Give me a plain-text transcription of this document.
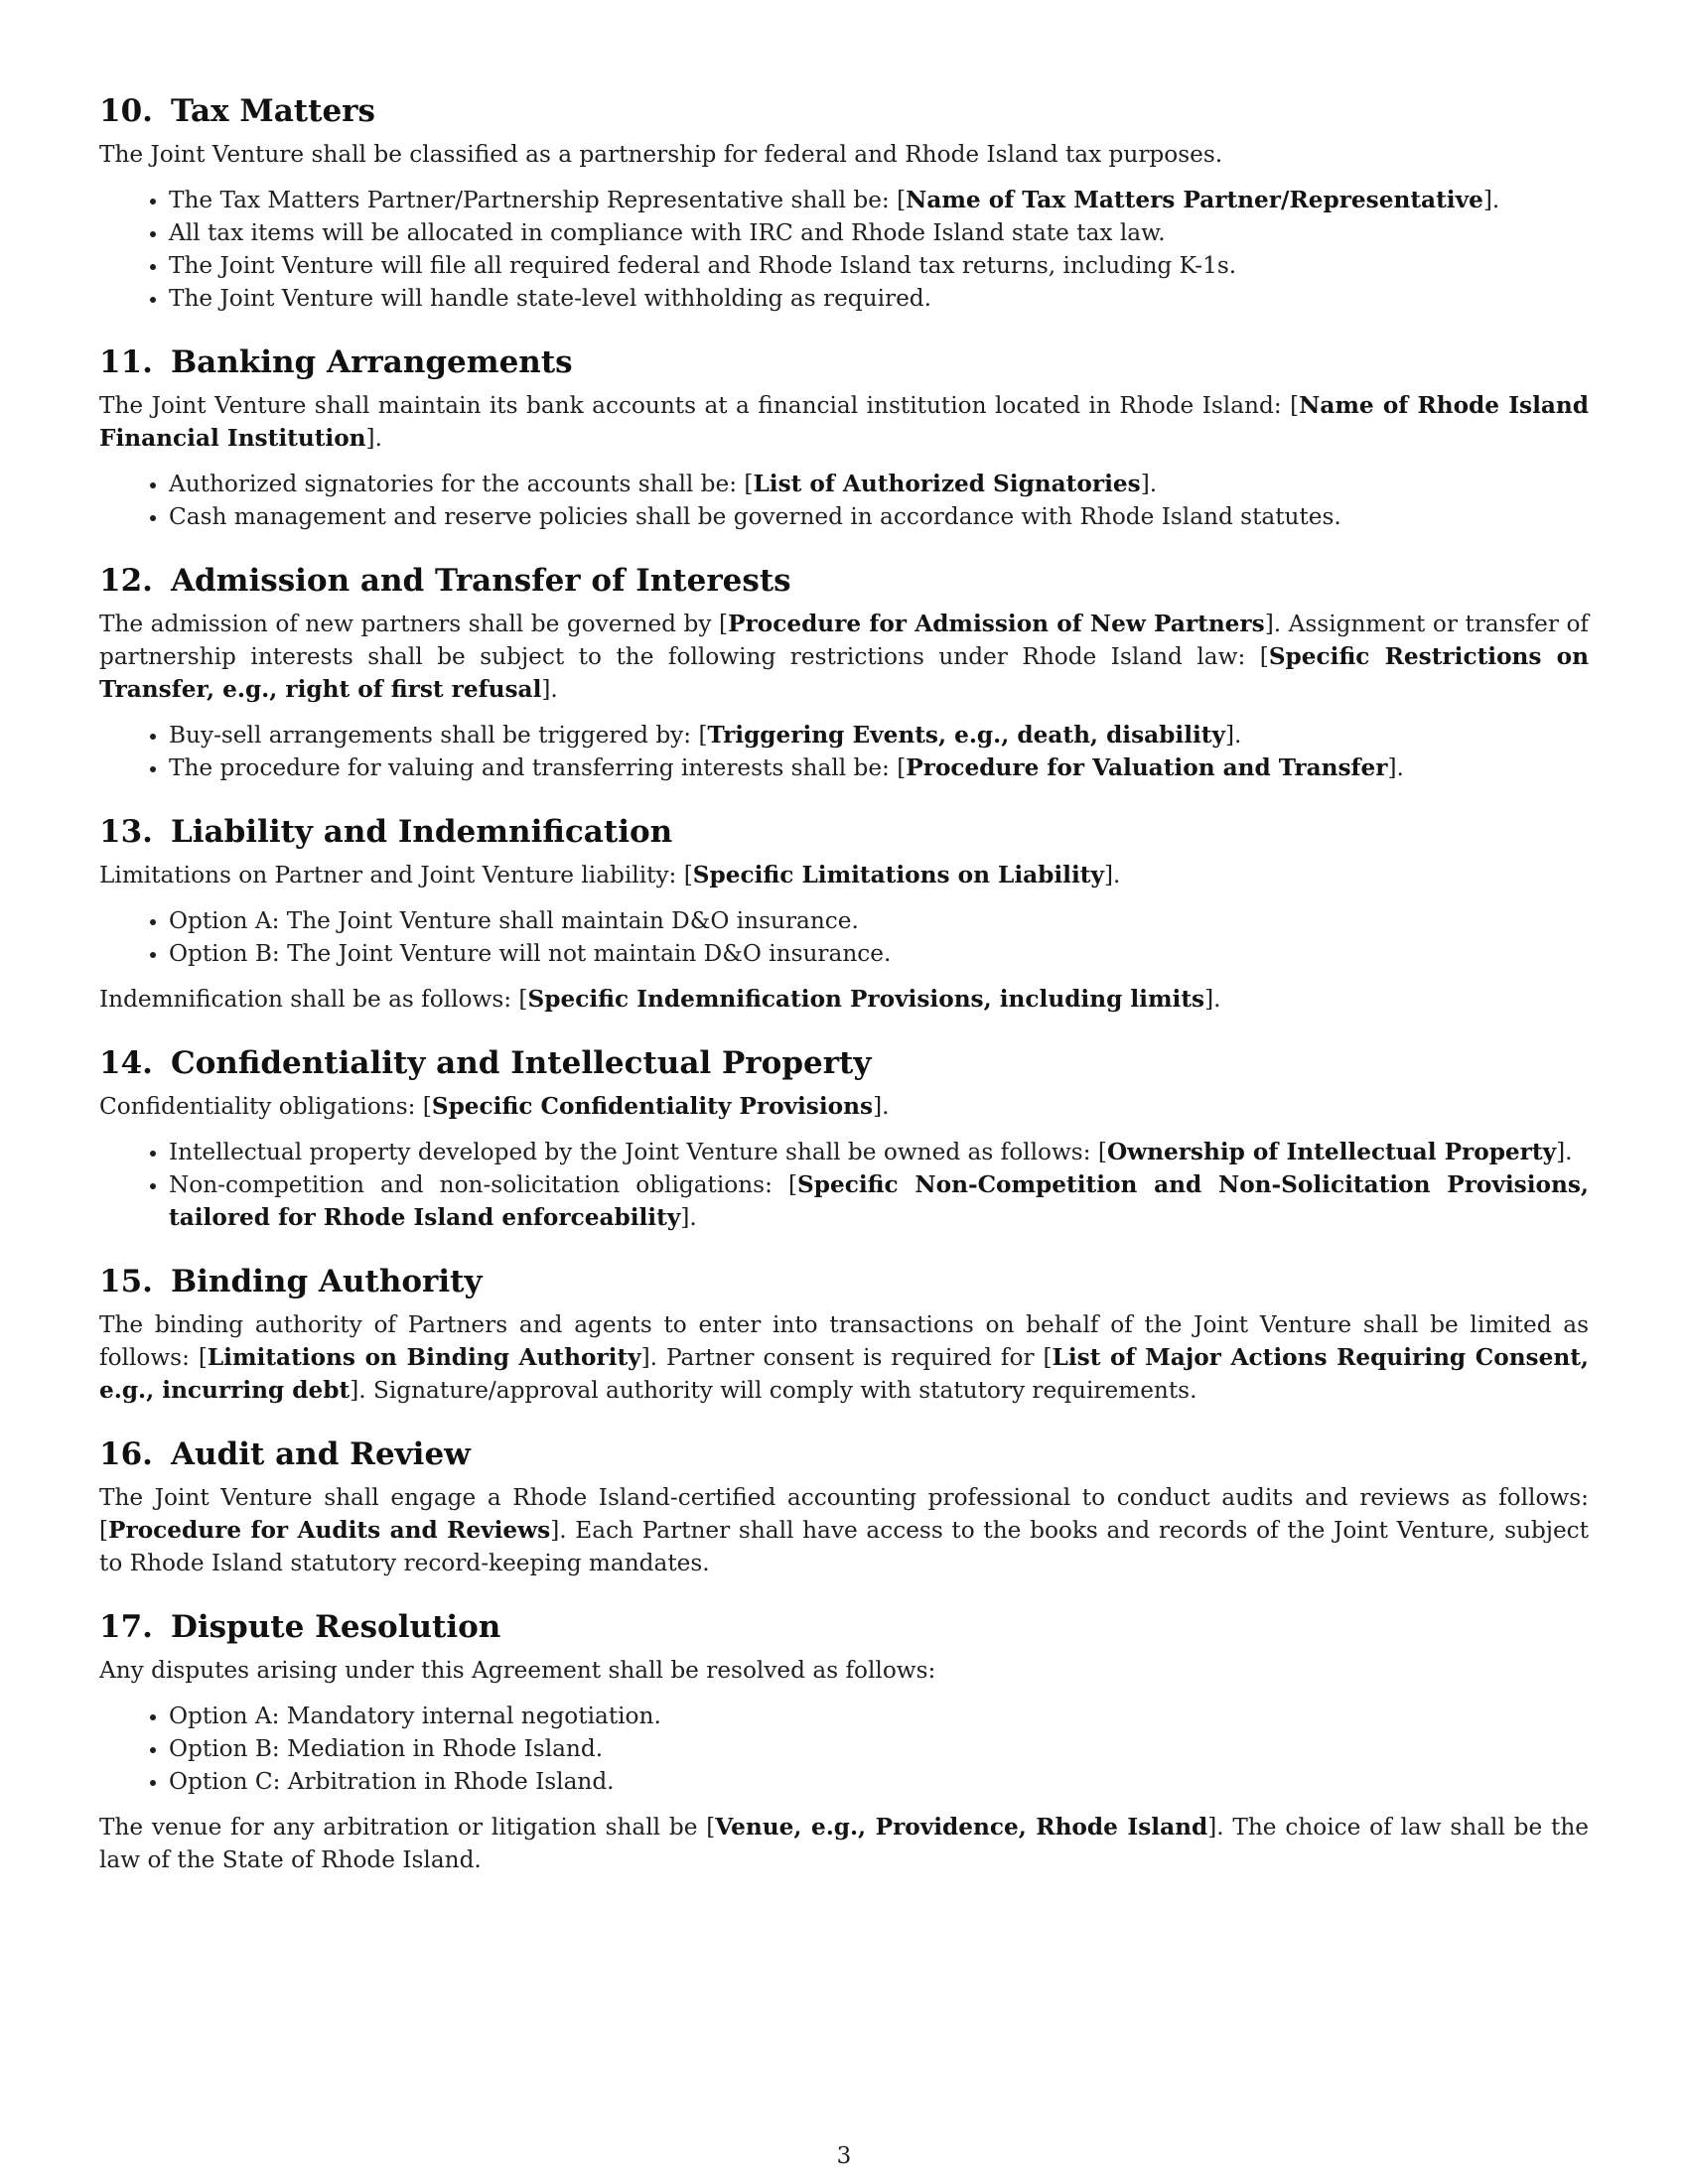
10. Tax Matters

The Joint Venture shall be classified as a partnership for federal and Rhode Island tax purposes.

• The Tax Matters Partner/Partnership Representative shall be: [Name of Tax Matters Partner/Representative].
• All tax items will be allocated in compliance with IRC and Rhode Island state tax law.
• The Joint Venture will file all required federal and Rhode Island tax returns, including K-1s.
• The Joint Venture will handle state-level withholding as required.
11. Banking Arrangements

The Joint Venture shall maintain its bank accounts at a financial institution located in Rhode Island: [Name of Rhode Island Financial Institution].

• Authorized signatories for the accounts shall be: [List of Authorized Signatories].
• Cash management and reserve policies shall be governed in accordance with Rhode Island statutes.
12. Admission and Transfer of Interests

The admission of new partners shall be governed by [Procedure for Admission of New Partners]. Assignment or transfer of partnership interests shall be subject to the following restrictions under Rhode Island law: [Specific Restrictions on Transfer, e.g., right of first refusal].

• Buy-sell arrangements shall be triggered by: [Triggering Events, e.g., death, disability].
• The procedure for valuing and transferring interests shall be: [Procedure for Valuation and Transfer].
13. Liability and Indemnification

Limitations on Partner and Joint Venture liability: [Specific Limitations on Liability].

• Option A: The Joint Venture shall maintain D&O insurance.
• Option B: The Joint Venture will not maintain D&O insurance.

Indemnification shall be as follows: [Specific Indemnification Provisions, including limits].

14. Confidentiality and Intellectual Property

Confidentiality obligations: [Specific Confidentiality Provisions].

• Intellectual property developed by the Joint Venture shall be owned as follows: [Ownership of Intellectual Property].
• Non-competition and non-solicitation obligations: [Specific Non-Competition and Non-Solicitation Provisions, tailored for Rhode Island enforceability].
15. Binding Authority

The binding authority of Partners and agents to enter into transactions on behalf of the Joint Venture shall be limited as follows: [Limitations on Binding Authority]. Partner consent is required for [List of Major Actions Requiring Consent, e.g., incurring debt]. Signature/approval authority will comply with statutory requirements.

16. Audit and Review

The Joint Venture shall engage a Rhode Island-certified accounting professional to conduct audits and reviews as follows: [Procedure for Audits and Reviews]. Each Partner shall have access to the books and records of the Joint Venture, subject to Rhode Island statutory record-keeping mandates.

17. Dispute Resolution

Any disputes arising under this Agreement shall be resolved as follows:

• Option A: Mandatory internal negotiation.
• Option B: Mediation in Rhode Island.
• Option C: Arbitration in Rhode Island.

The venue for any arbitration or litigation shall be [Venue, e.g., Providence, Rhode Island]. The choice of law shall be the law of the State of Rhode Island.

3
